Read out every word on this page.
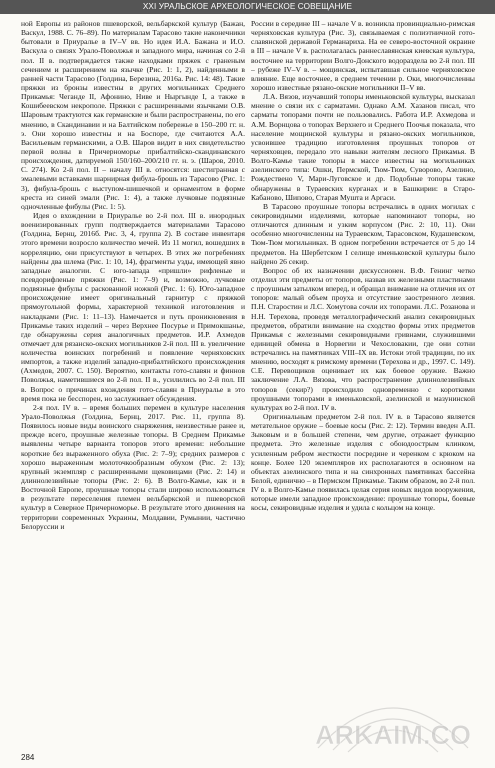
XXI УРАЛЬСКОЕ АРХЕОЛОГИЧЕСКОЕ СОВЕЩАНИЕ

ной Европы из районов пшеворской, вельбаркской культур (Бажан, Васкул, 1988. С. 76–89). По материалам Тарасово такие наконечники бытовали в Приуралье в IV–V вв. Но идея И.А. Бажана и И.О. Васкула о связях Урало-Поволжья и западного мира, начиная со 2-й пол. II в. подтверждается также находками пряжек с граненым сечением и расширением на язычке (Рис. 1: 1, 2), найденными в ранней части Тарасово (Голдина, Березина, 2016a. Рис. 14: 48). Такие пряжки из бронзы известны в других могильниках Среднего Прикамья: Чеганде II, Афонино, Ниве и Ныргынде I, а также в Кошибеевском некрополе. Пряжки с расширенными язычками О.В. Шаровым трактуются как германские и были распространены, по его мнению, в Скандинавии и на Балтийском побережье в 150–200 гг. н. э. Они хорошо известны и на Боспоре, где считаются А.А. Васильевым германскими, а О.В. Шаров видит в них свидетельство первой волны в Причерноморье прибалтийско-скандинавского происхождения, датируемой 150/160–200/210 гг. н. э. (Шаров, 2010. С. 274). Ко 2-й пол. II – началу III в. относятся: шестигранная с эмалевыми вставками шарнирная фибула-брошь из Тарасово (Рис. 1: 3), фибула-брошь с выступом-шишечкой и орнаментом в форме креста из синей эмали (Рис. 1: 4), а также лучковые подвязные одночленные фибулы (Рис. 1: 5).

Идея о вхождении в Приуралье во 2-й пол. III в. инородных военизированных групп подтверждается материалами Тарасово (Голдина, Бернц, 2016б. Рис. 3, 4, группа 2). В составе инвентаря этого времени возросло количество мечей. Из 11 могил, вошедших в корреляцию, они присутствуют в четырех. В этих же погребениях найдены два шлема (Рис. 1: 10, 14), фрагменты узды, имеющей явно западные аналогии. С юго-запада «пришли» рифленые и псевдорифленые пряжки (Рис. 1: 7–9) и, возможно, лучковые подвязные фибулы с раскованной ножкой (Рис. 1: 6). Юго-западное происхождение имеет оригинальный гарнитур с пряжкой прямоугольной формы, характерной техникой изготовления и накладками (Рис. 1: 11–13). Намечается и путь проникновения в Прикамье таких изделий – через Верхнее Посурье и Примокшанье, где обнаружены серия аналогичных предметов. И.Р. Ахмедов отмечает для рязанско-окских могильников 2-й пол. III в. увеличение количества воинских погребений и появление черняховских импортов, а также изделий западно-прибалтийского происхождения (Ахмедов, 2007. С. 150). Вероятно, контакты гото-славян и финнов Поволжья, наметившиеся во 2-й пол. II в., усилились во 2-й пол. III в. Вопрос о причинах вхождения гото-славян в Приуралье в это время пока не бесспорен, но заслуживает обсуждения.

2-я пол. IV в. – время больших перемен в культуре населения Урало-Поволжья (Голдина, Бернц, 2017. Рис. 11, группа 8). Появилось новые виды воинского снаряжения, неизвестные ранее и, прежде всего, проушные железные топоры. В Среднем Прикамье выявлены четыре варианта топоров этого времени: небольшие короткие без выраженного обуха (Рис. 2: 7–9); средних размеров с хорошо выраженным молоточкообразным обухом (Рис. 2: 13); крупный экземпляр с расширенными щековицами (Рис. 2: 14) и длиннолезвийные топоры (Рис. 2: 6). В Волго-Камье, как и в Восточной Европе, проушные топоры стали широко использоваться в результате переселения племен вельбаркской и пшеворской культур в Северное Причерноморье. В результате этого движения на территории современных Украины, Молдавии, Румынии, частично Белоруссии и

России в середине III – начале V в. возникла провинциально-римская черняховская культура (Рис. 3), связываемая с полиэтничной гото-славянской державой Германариха. На ее северо-восточной окраине в III – начале V в. располагалась раннеславянская киевская культура, восточнее на территории Волго-Донского водораздела во 2-й пол. III – рубеже IV–V в. – мощинская, испытавшая сильное черняховское влияние. Еще восточнее, в среднем течении р. Оки, многочисленны хорошо известные рязано-окские могильники II–V вв.

Л.А. Вязов, изучавший топоры именьковской культуры, высказал мнение о связи их с сарматами. Однако А.М. Хазанов писал, что сарматы топорами почти не пользовались. Работа И.Р. Ахмедова и А.М. Ворнцова о топорах Верхнего и Среднего Поочья показала, что население мощинской культуры и рязано-окских могильников, усвоившее традицию изготовления проушных топоров от черняховцев, передало это навыки жителям лесного Прикамья. В Волго-Камье такие топоры в массе известны на могильниках азелинского типа: Ошки, Пермской, Тюм-Тюм, Суворово, Азелино, Рождествено V, Мари-Луговское и др. Подобные топоры также обнаружены в Турaевских курганах и в Башкирии: в Старо-Кабаново, Шипово, Старая Мушта и Аргаси.

В Тарасово проушные топоры встречались в одних могилах с секировидными изделиями, которые напоминают топоры, но отличаются длинным и узким корпусом (Рис. 2: 10, 11). Они особенно многочисленны на Тураевском, Тарасовском, Кудашевском, Тюм-Тюм могильниках. В одном погребении встречается от 5 до 14 предметов. На Шербетском I селище именьковской культуры было найдено 26 секир.

Вопрос об их назначении дискуссионен. В.Ф. Генинг четко отделил эти предметы от топоров, назвав их железными пластинами с проушным затылком вперед, и обращал внимание на отличия их от топоров: малый объем проуха и отсутствие заостренного лезвия. П.Н. Старостин и Л.С. Хомутова сочли их топорами. Л.С. Розанова и Н.Н. Терехова, проведя металлографический анализ секировидных предметов, обратили внимание на сходство формы этих предметов Прикамья с железными секировидными гривнами, служившими единицей обмена в Норвегии и Чехословакии, где они сотни встречались на памятниках VIII–IX вв. Истоки этой традиции, по их мнению, восходят к римскому времени (Терехова и др., 1997. С. 149). С.Е. Перевощиков оценивает их как боевое оружие. Важно заключение Л.А. Вязова, что распространение длиннолезвийных топоров (секир?) происходило одновременно с короткими проушными топорами в именьковской, азелинской и мазунинской культурах во 2-й пол. IV в.

Оригинальным предметом 2-й пол. IV в. в Тарасово является метательное оружие – боевые косы (Рис. 2: 12). Термин введен А.П. Зыковым и в большей степени, чем другие, отражает функцию предмета. Это железные изделия с обоюдоострым клинком, усиленным ребром жесткости посредине и черенком с крюком на конце. Более 120 экземпляров их располагаются в основном на объектах азелинского типа и на синхронных памятниках бассейна Белой, единично – в Пермском Прикамье. Таким образом, во 2-й пол. IV в. в Волго-Камье появилась целая серия новых видов вооружения, которые имели западное происхождение: проушные топоры, боевые косы, секировидные изделия и удила с кольцом на конце.

284
ARKAIM.CO
